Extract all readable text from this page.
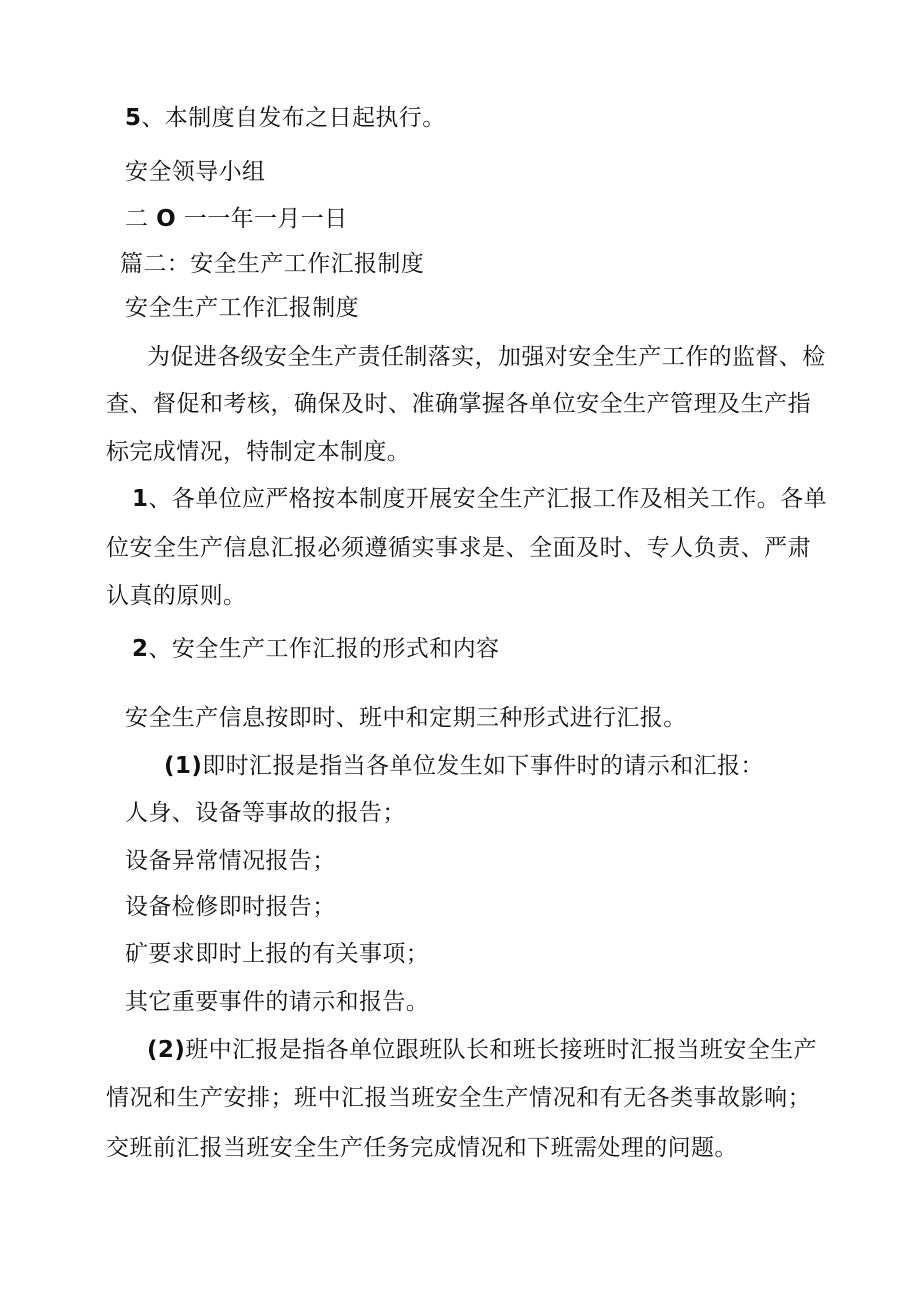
5、本制度自发布之日起执行。
安全领导小组
二 O 一一年一月一日
篇二：安全生产工作汇报制度
安全生产工作汇报制度
为促进各级安全生产责任制落实，加强对安全生产工作的监督、检
查、督促和考核，确保及时、准确掌握各单位安全生产管理及生产指
标完成情况，特制定本制度。
1、各单位应严格按本制度开展安全生产汇报工作及相关工作。各单
位安全生产信息汇报必须遵循实事求是、全面及时、专人负责、严肃
认真的原则。
2、安全生产工作汇报的形式和内容
安全生产信息按即时、班中和定期三种形式进行汇报。
(1)即时汇报是指当各单位发生如下事件时的请示和汇报：
人身、设备等事故的报告；
设备异常情况报告；
设备检修即时报告；
矿要求即时上报的有关事项；
其它重要事件的请示和报告。
(2)班中汇报是指各单位跟班队长和班长接班时汇报当班安全生产
情况和生产安排；班中汇报当班安全生产情况和有无各类事故影响；
交班前汇报当班安全生产任务完成情况和下班需处理的问题。
